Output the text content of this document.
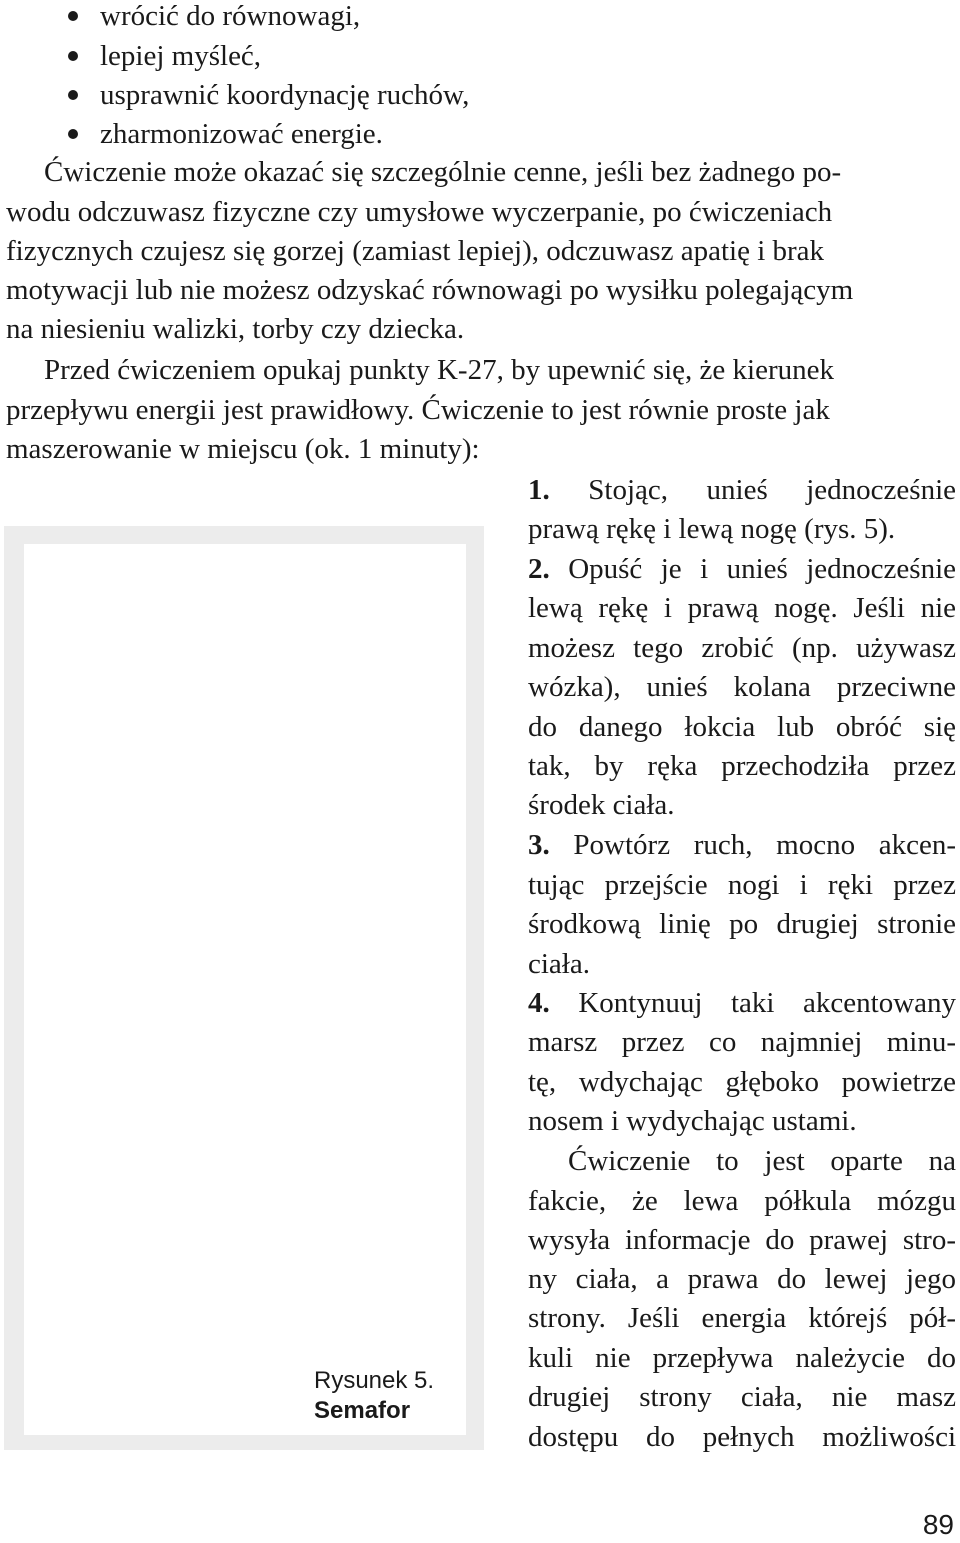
wrócić do równowagi,
lepiej myśleć,
usprawnić koordynację ruchów,
zharmonizować energie.
Ćwiczenie może okazać się szczególnie cenne, jeśli bez żadnego po-
wodu odczuwasz fizyczne czy umysłowe wyczerpanie, po ćwiczeniach
fizycznych czujesz się gorzej (zamiast lepiej), odczuwasz apatię i brak
motywacji lub nie możesz odzyskać równowagi po wysiłku polegającym
na niesieniu walizki, torby czy dziecka.
Przed ćwiczeniem opukaj punkty K-27, by upewnić się, że kierunek
przepływu energii jest prawidłowy. Ćwiczenie to jest równie proste jak
maszerowanie w miejscu (ok. 1 minuty):
Rysunek 5.
Semafor
1. Stojąc, unieś jednocześnie
prawą rękę i lewą nogę (rys. 5).
2. Opuść je i unieś jednocześnie
lewą rękę i prawą nogę. Jeśli nie
możesz tego zrobić (np. używasz
wózka), unieś kolana przeciwne
do danego łokcia lub obróć się
tak, by ręka przechodziła przez
środek ciała.
3. Powtórz ruch, mocno akcen-
tując przejście nogi i ręki przez
środkową linię po drugiej stronie
ciała.
4. Kontynuuj taki akcentowany
marsz przez co najmniej minu-
tę, wdychając głęboko powietrze
nosem i wydychając ustami.
Ćwiczenie to jest oparte na
fakcie, że lewa półkula mózgu
wysyła informacje do prawej stro-
ny ciała, a prawa do lewej jego
strony. Jeśli energia którejś pół-
kuli nie przepływa należycie do
drugiej strony ciała, nie masz
dostępu do pełnych możliwości
89
